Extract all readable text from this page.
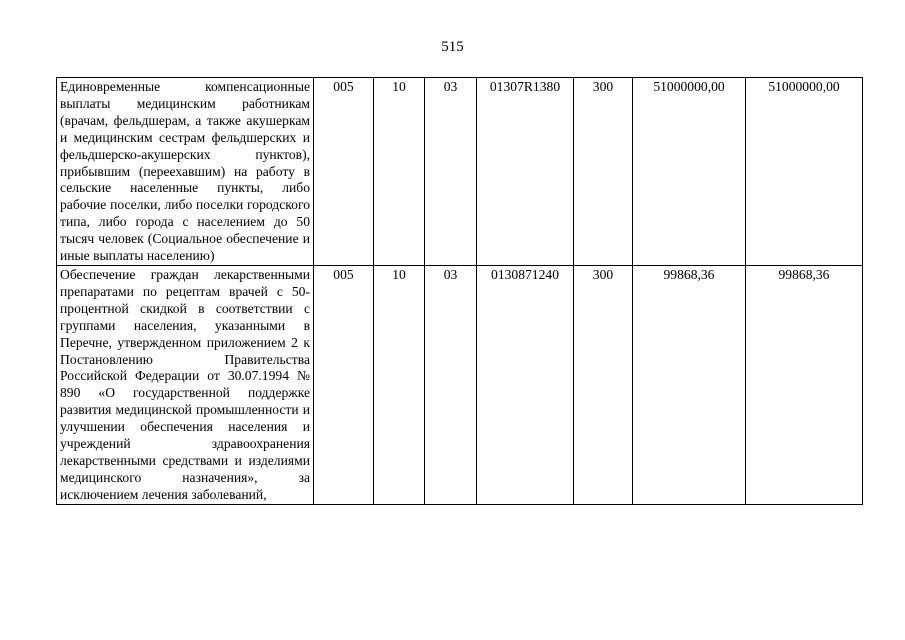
515
Единовременные компенсационные выплаты медицинским работникам (врачам, фельдшерам, а также акушеркам и медицинским сестрам фельдшерских и фельдшерско-акушерских пунктов), прибывшим (переехавшим) на работу в сельские населенные пункты, либо рабочие поселки, либо поселки городского типа, либо города с населением до 50 тысяч человек (Социальное обеспечение и иные выплаты населению)	005	10	03	01307R1380	300	51000000,00	51000000,00
Обеспечение граждан лекарственными препаратами по рецептам врачей с 50-процентной скидкой в соответствии с группами населения, указанными в Перечне, утвержденном приложением 2 к Постановлению Правительства Российской Федерации от 30.07.1994 № 890 «О государственной поддержке развития медицинской промышленности и улучшении обеспечения населения и учреждений здравоохранения лекарственными средствами и изделиями медицинского назначения», за исключением лечения заболеваний,	005	10	03	0130871240	300	99868,36	99868,36
